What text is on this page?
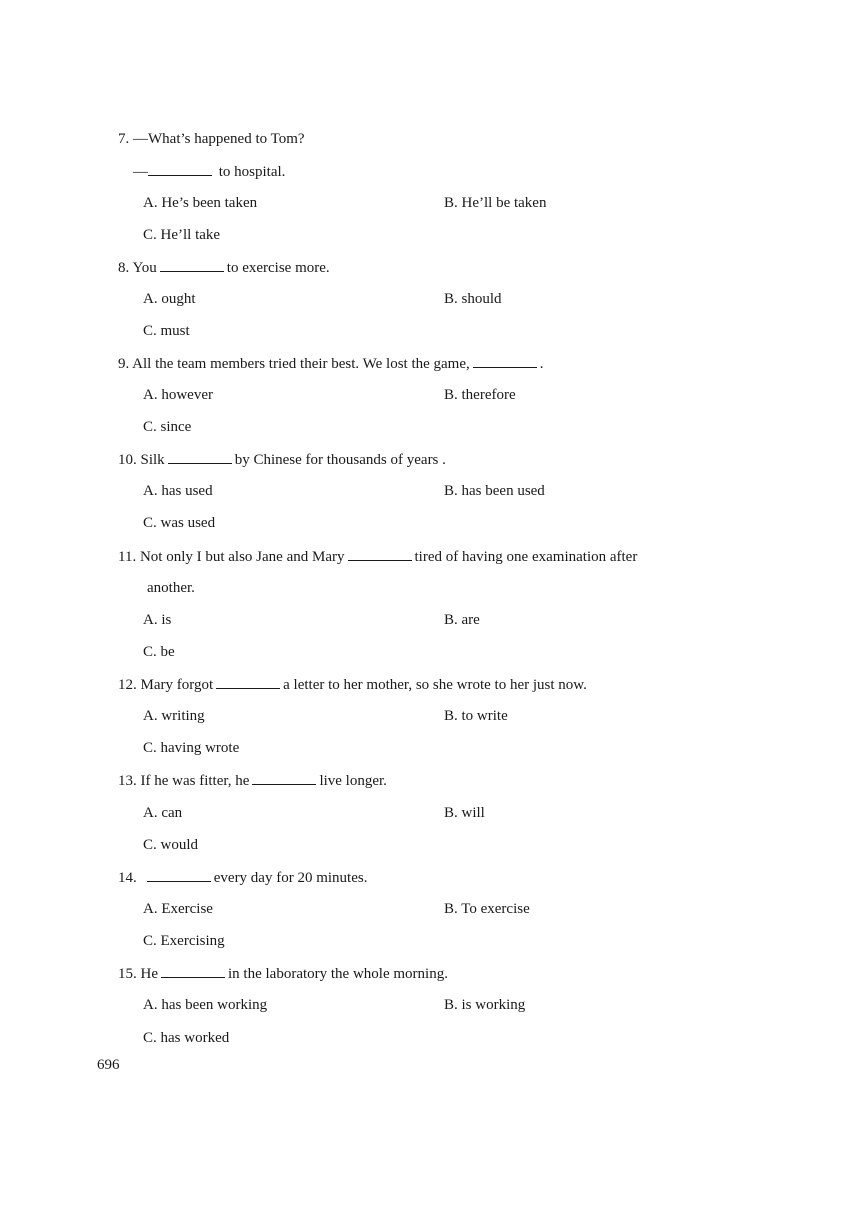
7. —What’s happened to Tom?
—	to hospital.
A. He’s been taken	B. He’ll be taken
C. He’ll take
8. You	to exercise more.
A. ought	B. should
C. must
9. All the team members tried their best. We lost the game,	.
A. however	B. therefore
C. since
10. Silk	by Chinese for thousands of years .
A. has used	B. has been used
C. was used
11. Not only I but also Jane and Mary	tired of having one examination after
another.
A. is	B. are
C. be
12. Mary forgot	a letter to her mother, so she wrote to her just now.
A. writing	B. to write
C. having wrote
13. If he was fitter, he	live longer.
A. can	B. will
C. would
14.	every day for 20 minutes.
A. Exercise	B. To exercise
C. Exercising
15. He	in the laboratory the whole morning.
A. has been working	B. is working
C. has worked
696
